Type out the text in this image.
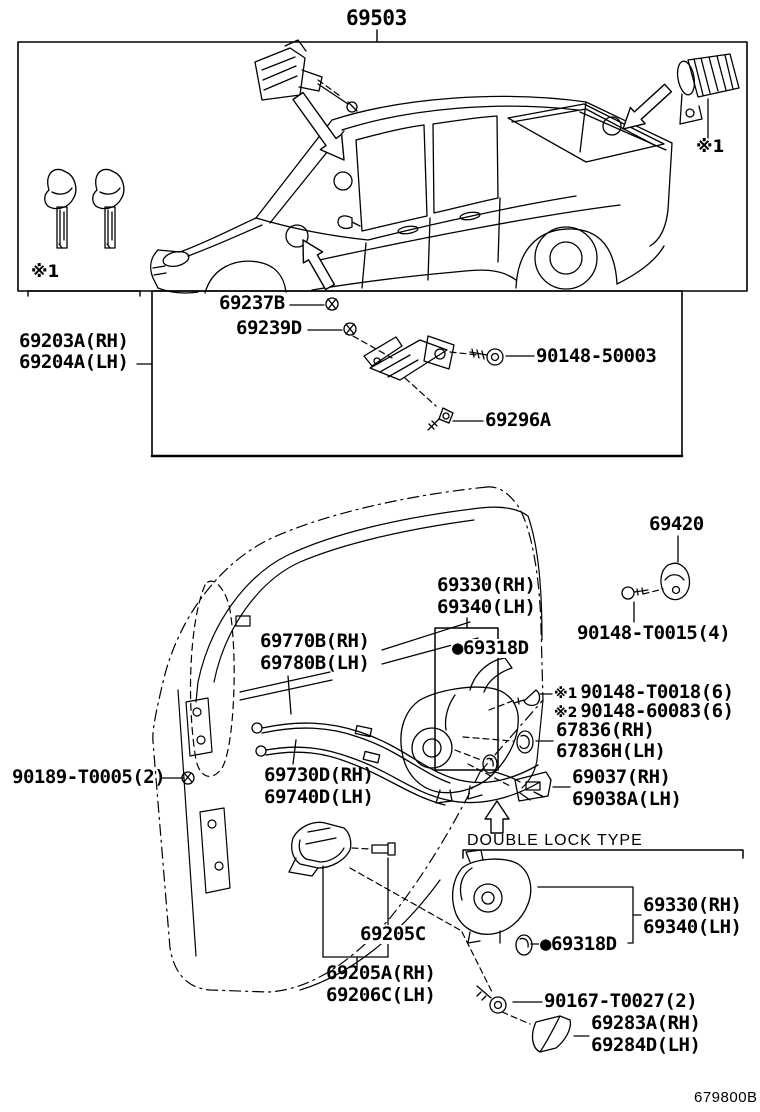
69503
※1
※1
69237B
69239D
69203A(RH)
69204A(LH)	90148-50003
69296A
69420
90148-T0015(4)
69330(RH)
69340(LH)
●69318D
69770B(RH)
69780B(LH)
69730D(RH)
69740D(LH)
※1 90148-T0018(6)
※2 90148-60083(6)
67836(RH)
67836H(LH)
69037(RH)
69038A(LH)
90189-T0005(2)
69205C
69205A(RH)
69206C(LH)
DOUBLE LOCK TYPE
69330(RH)
69340(LH)
●69318D
90167-T0027(2)
69283A(RH)
69284D(LH)
679800B
